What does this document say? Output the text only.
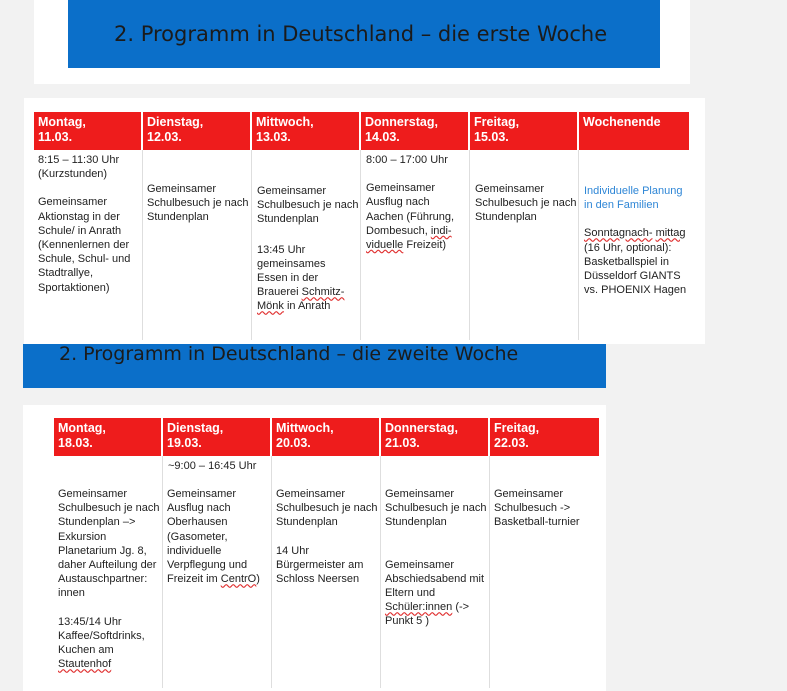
2. Programm in Deutschland – die erste Woche
Montag,
11.03.
Dienstag,
12.03.
Mittwoch,
13.03.
Donnerstag,
14.03.
Freitag,
15.03.
Wochenende

8:15 – 11:30 Uhr (Kurzstunden)

Gemeinsamer Aktionstag in der Schule/ in Anrath (Kennenlernen der Schule, Schul- und Stadtrallye, Sportaktionen)

Gemeinsamer Schulbesuch je nach Stundenplan

Gemeinsamer Schulbesuch je nach Stundenplan

13:45 Uhr gemeinsames Essen in der Brauerei Schmitz- Mönk in Anrath

8:00 – 17:00 Uhr

Gemeinsamer Ausflug nach Aachen (Führung, Dombesuch, indi- viduelle Freizeit)

Gemeinsamer Schulbesuch je nach Stundenplan

Individuelle Planung in den Familien

Sonntagnach- mittag (16 Uhr, optional): Basketballspiel in Düsseldorf GIANTS vs. PHOENIX Hagen

2. Programm in Deutschland – die zweite Woche
Montag,
18.03.
Dienstag,
19.03.
Mittwoch,
20.03.
Donnerstag,
21.03.
Freitag,
22.03.
~9:00 – 16:45 Uhr

Gemeinsamer Schulbesuch je nach Stundenplan –> Exkursion Planetarium Jg. 8, daher Aufteilung der Austauschpartner: innen

13:45/14 Uhr Kaffee/Softdrinks, Kuchen am Stautenhof

Gemeinsamer Ausflug nach Oberhausen (Gasometer, individuelle Verpflegung und Freizeit im CentrO)

Gemeinsamer Schulbesuch je nach Stundenplan

14 Uhr Bürgermeister am Schloss Neersen

Gemeinsamer Schulbesuch je nach Stundenplan

Gemeinsamer Abschiedsabend mit Eltern und Schüler:innen (-> Punkt 5 )

Gemeinsamer Schulbesuch -> Basketball-turnier
